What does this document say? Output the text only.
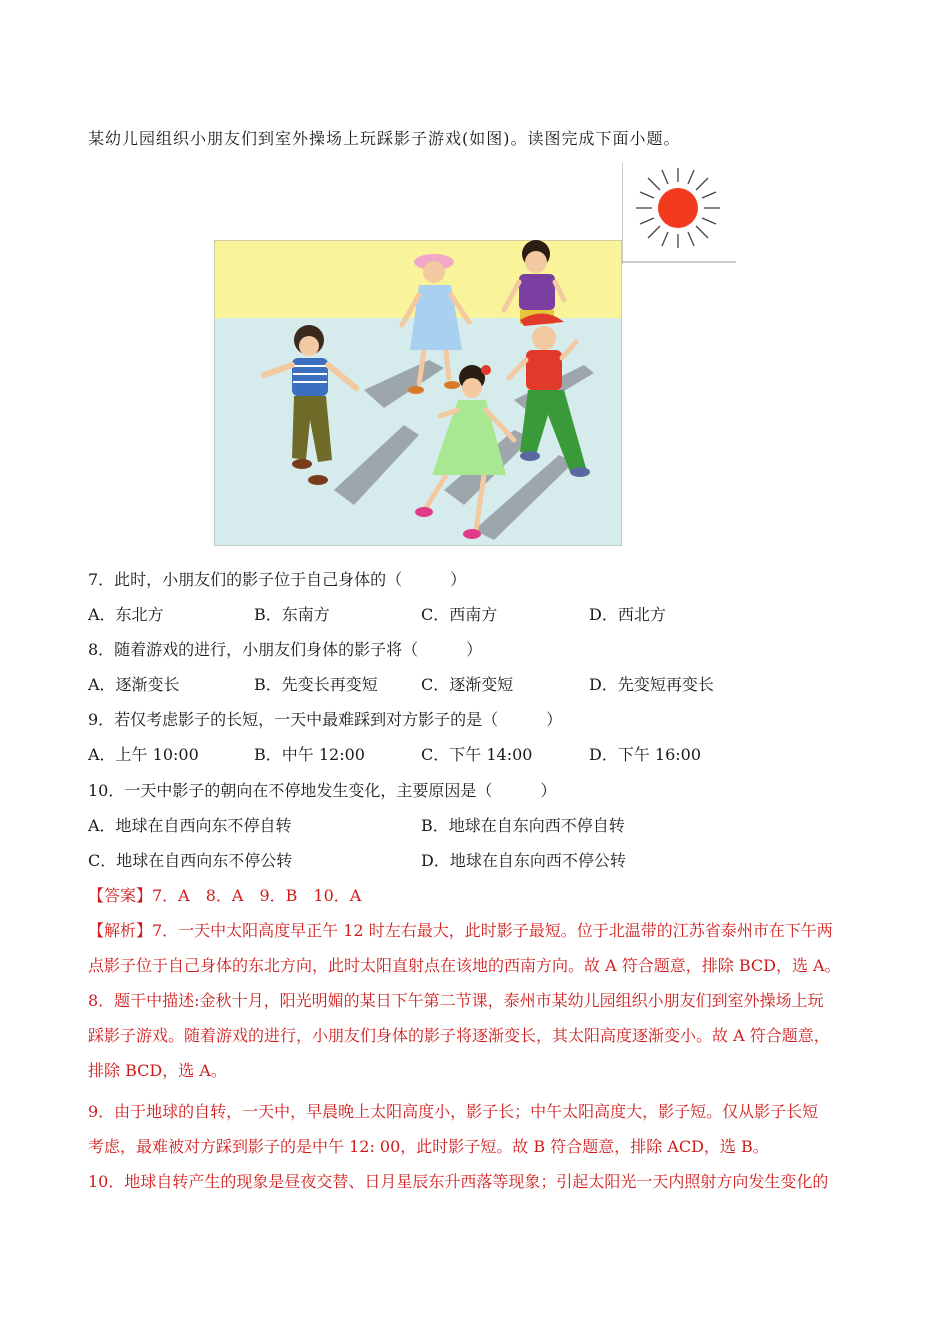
某幼儿园组织小朋友们到室外操场上玩踩影子游戏(如图)。读图完成下面小题。
7．此时，小朋友们的影子位于自己身体的（　　　）
A．东北方	B．东南方	C．西南方	D．西北方
8．随着游戏的进行，小朋友们身体的影子将（　　　）
A．逐渐变长	B．先变长再变短	C．逐渐变短	D．先变短再变长
9．若仅考虑影子的长短，一天中最难踩到对方影子的是（　　　）
A．上午 10:00	B．中午 12:00	C．下午 14:00	D．下午 16:00
10．一天中影子的朝向在不停地发生变化，主要原因是（　　　）
A．地球在自西向东不停自转	B．地球在自东向西不停自转
C．地球在自西向东不停公转	D．地球在自东向西不停公转
【答案】7．A　8．A　9．B　10．A
【解析】7．一天中太阳高度早正午 12 时左右最大，此时影子最短。位于北温带的江苏省泰州市在下午两
点影子位于自己身体的东北方向，此时太阳直射点在该地的西南方向。故 A 符合题意，排除 BCD，选 A。
8．题干中描述:金秋十月，阳光明媚的某日下午第二节课，泰州市某幼儿园组织小朋友们到室外操场上玩
踩影子游戏。随着游戏的进行，小朋友们身体的影子将逐渐变长，其太阳高度逐渐变小。故 A 符合题意，
排除 BCD，选 A。
9．由于地球的自转，一天中，早晨晚上太阳高度小，影子长；中午太阳高度大，影子短。仅从影子长短
考虑，最难被对方踩到影子的是中午 12: 00，此时影子短。故 B 符合题意，排除 ACD，选 B。
10．地球自转产生的现象是昼夜交替、日月星辰东升西落等现象；引起太阳光一天内照射方向发生变化的
